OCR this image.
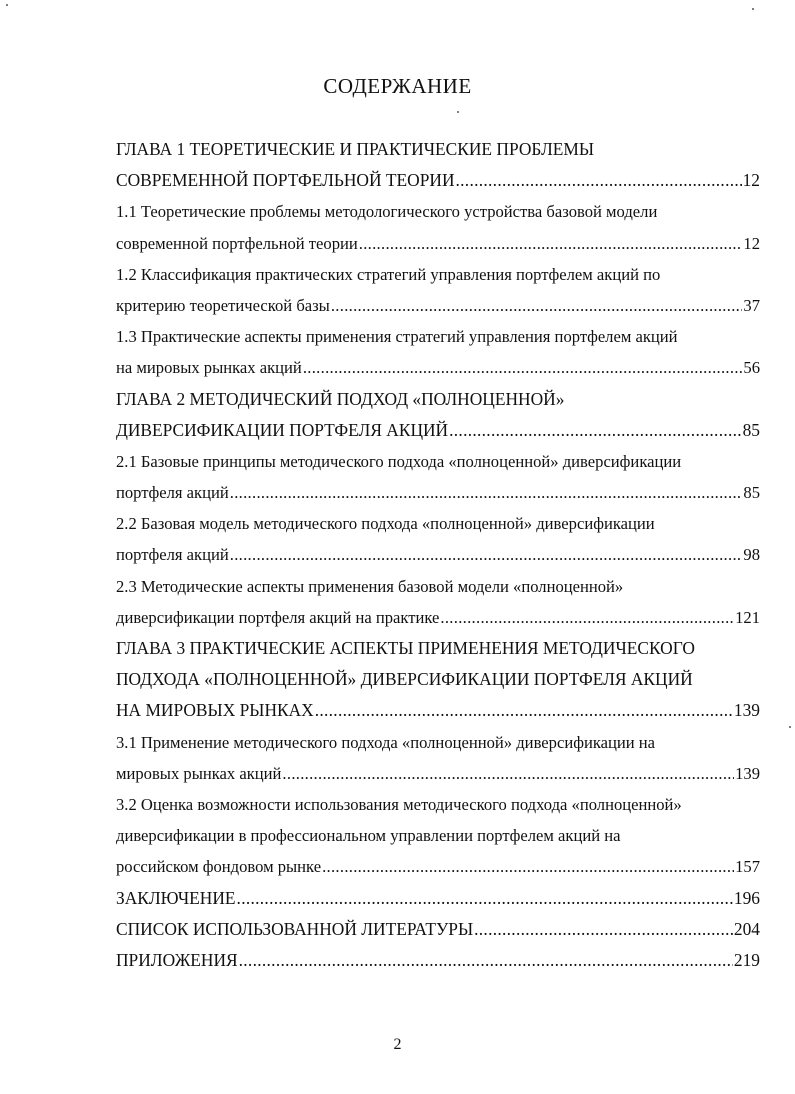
СОДЕРЖАНИЕ
ГЛАВА 1 ТЕОРЕТИЧЕСКИЕ И ПРАКТИЧЕСКИЕ ПРОБЛЕМЫ
СОВРЕМЕННОЙ ПОРТФЕЛЬНОЙ ТЕОРИИ .....	12
1.1 Теоретические проблемы методологического устройства базовой модели
современной портфельной теории .....	12
1.2 Классификация практических стратегий управления портфелем акций по
критерию теоретической базы .....	37
1.3 Практические аспекты применения стратегий управления портфелем акций
на мировых рынках акций .....	56
ГЛАВА 2 МЕТОДИЧЕСКИЙ ПОДХОД «ПОЛНОЦЕННОЙ»
ДИВЕРСИФИКАЦИИ ПОРТФЕЛЯ АКЦИЙ .....	85
2.1 Базовые принципы методического подхода «полноценной» диверсификации
портфеля акций .....	85
2.2 Базовая модель методического подхода «полноценной» диверсификации
портфеля акций .....	98
2.3 Методические аспекты применения базовой модели «полноценной»
диверсификации портфеля акций на практике .....	121
ГЛАВА 3 ПРАКТИЧЕСКИЕ АСПЕКТЫ ПРИМЕНЕНИЯ МЕТОДИЧЕСКОГО
ПОДХОДА «ПОЛНОЦЕННОЙ» ДИВЕРСИФИКАЦИИ ПОРТФЕЛЯ АКЦИЙ
НА МИРОВЫХ РЫНКАХ .....	139
3.1 Применение методического подхода «полноценной» диверсификации на
мировых рынках акций .....	139
3.2 Оценка возможности использования методического подхода «полноценной»
диверсификации в профессиональном управлении портфелем акций на
российском фондовом рынке .....	157
ЗАКЛЮЧЕНИЕ .....	196
СПИСОК ИСПОЛЬЗОВАННОЙ ЛИТЕРАТУРЫ .....	204
ПРИЛОЖЕНИЯ .....	219
2
